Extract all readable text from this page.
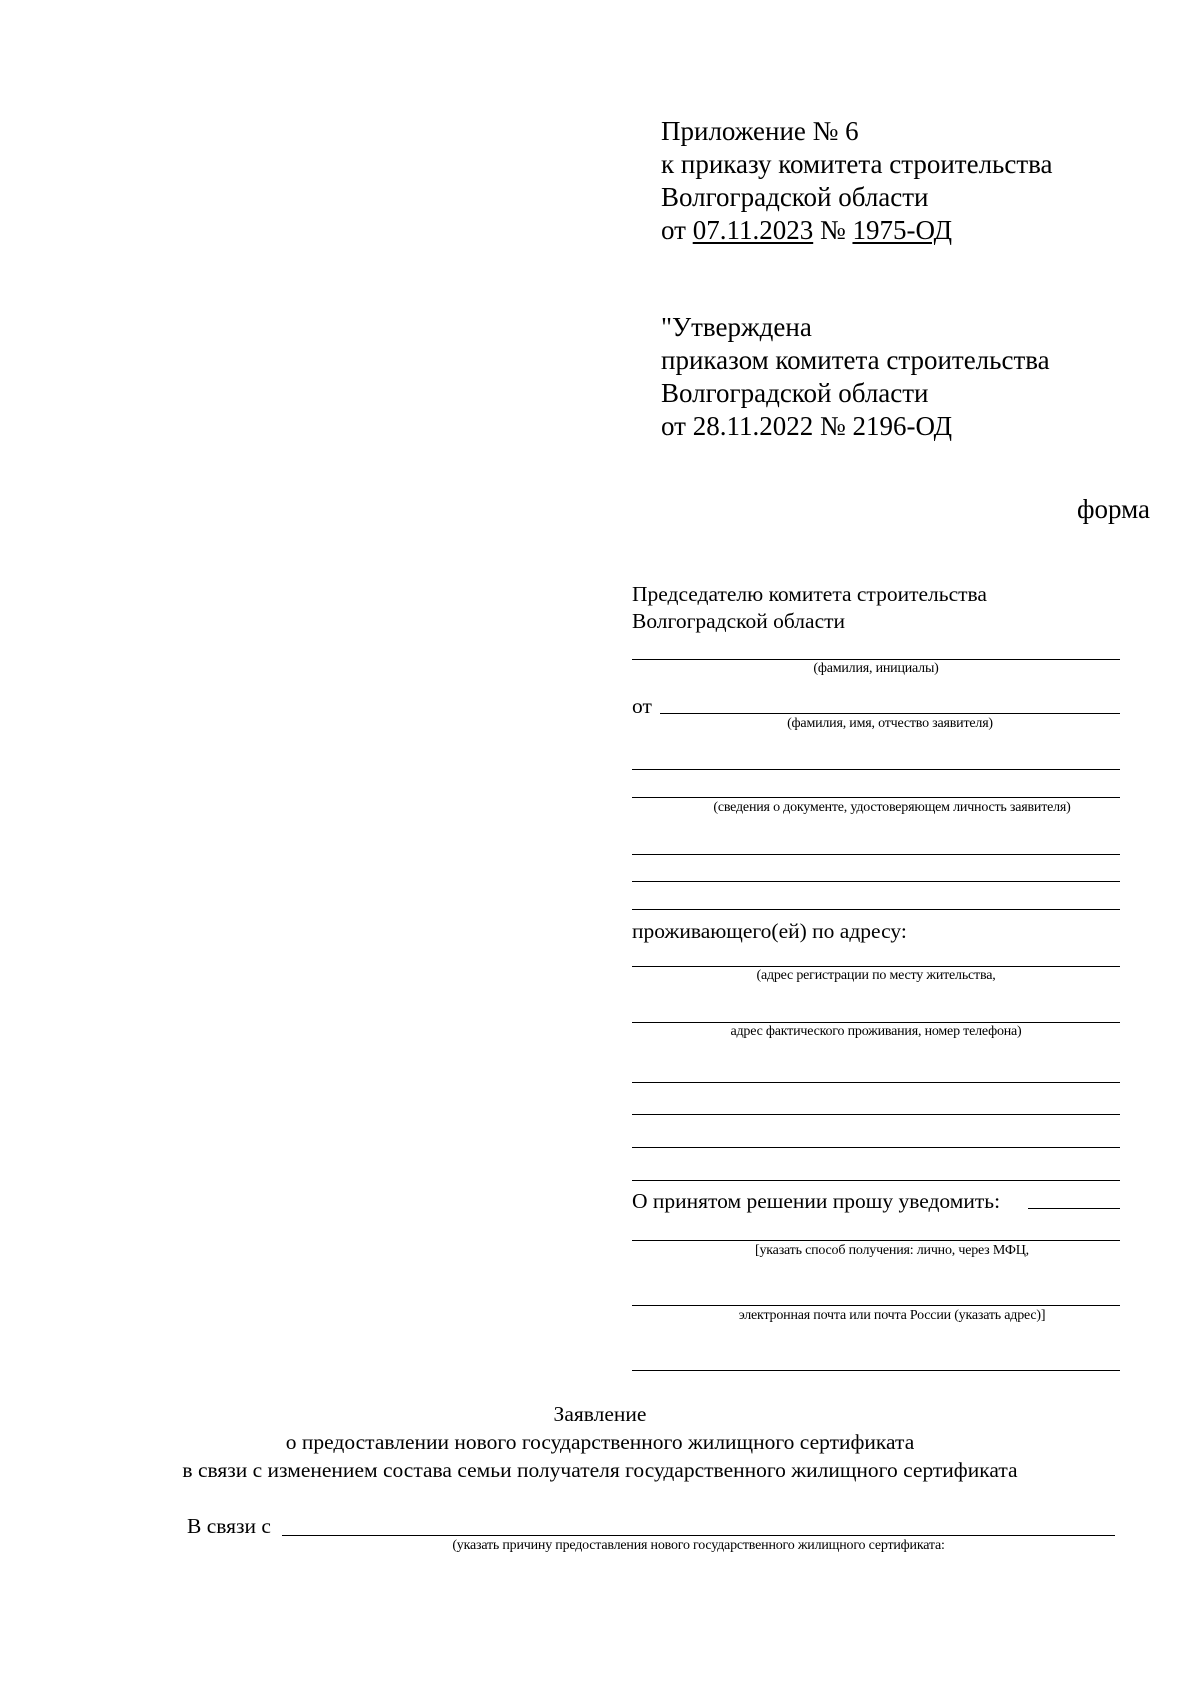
Приложение № 6
к приказу комитета строительства
Волгоградской области
от 07.11.2023 № 1975-ОД
"Утверждена
приказом комитета строительства
Волгоградской области
от 28.11.2022 № 2196-ОД
форма
Председателю комитета строительства
Волгоградской области
(фамилия, инициалы)
от
(фамилия, имя, отчество заявителя)
(сведения о документе, удостоверяющем личность заявителя)
проживающего(ей) по адресу:
(адрес регистрации по месту жительства,
адрес фактического проживания, номер телефона)
О принятом решении прошу уведомить:
[указать способ получения: лично, через МФЦ,
электронная почта или почта России (указать адрес)]
Заявление
о предоставлении нового государственного жилищного сертификата
в связи с изменением состава семьи получателя государственного жилищного сертификата
В связи с
(указать причину предоставления нового государственного жилищного сертификата:
